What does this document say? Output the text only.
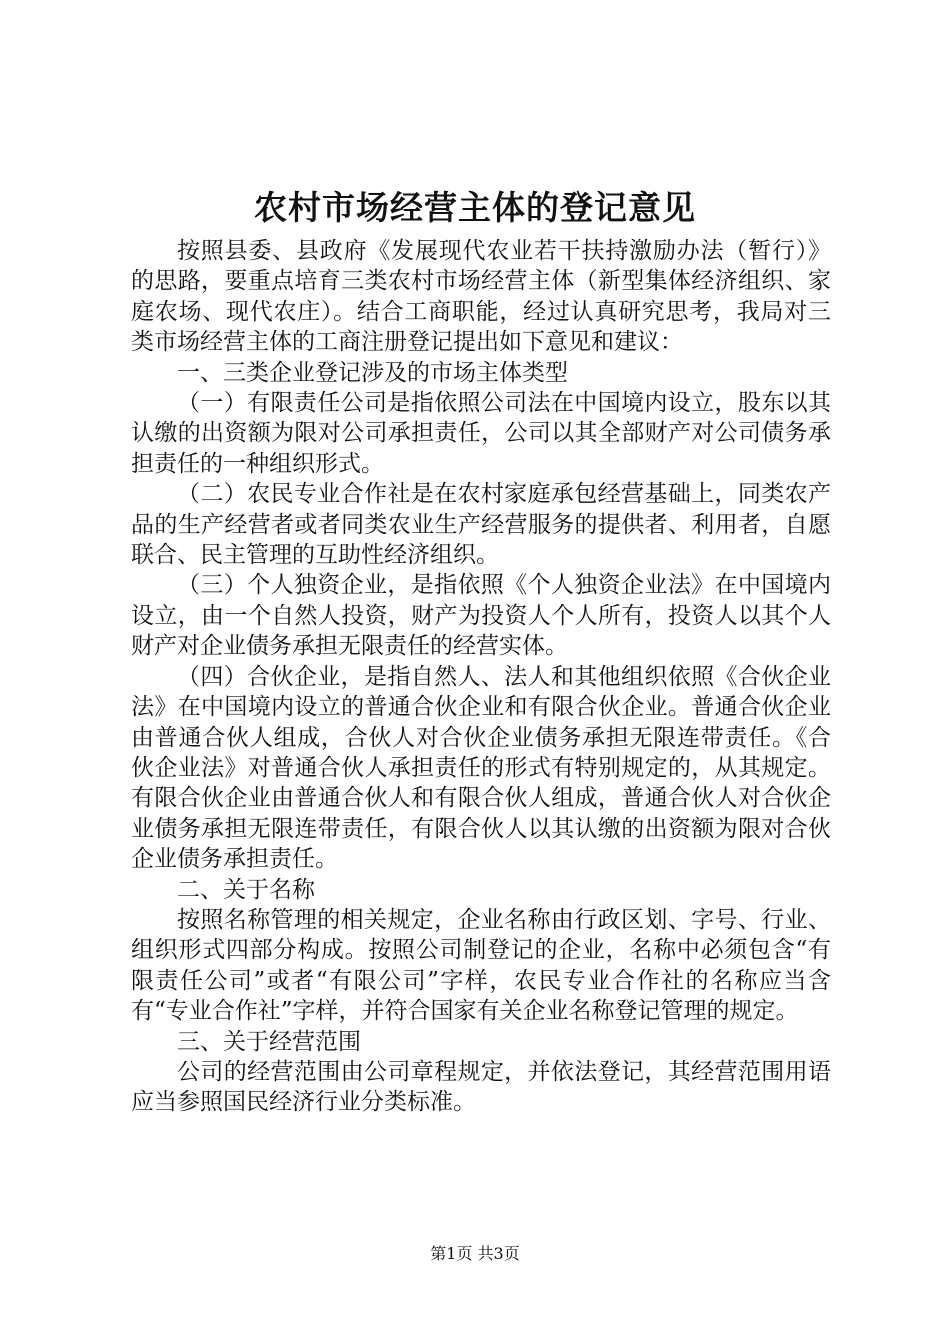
农村市场经营主体的登记意见

按照县委、县政府《发展现代农业若干扶持激励办法（暂行）》的思路，要重点培育三类农村市场经营主体（新型集体经济组织、家庭农场、现代农庄）。结合工商职能，经过认真研究思考，我局对三类市场经营主体的工商注册登记提出如下意见和建议：

一、三类企业登记涉及的市场主体类型

（一）有限责任公司是指依照公司法在中国境内设立，股东以其认缴的出资额为限对公司承担责任，公司以其全部财产对公司债务承担责任的一种组织形式。

（二）农民专业合作社是在农村家庭承包经营基础上，同类农产品的生产经营者或者同类农业生产经营服务的提供者、利用者，自愿联合、民主管理的互助性经济组织。

（三）个人独资企业，是指依照《个人独资企业法》在中国境内设立，由一个自然人投资，财产为投资人个人所有，投资人以其个人财产对企业债务承担无限责任的经营实体。

（四）合伙企业，是指自然人、法人和其他组织依照《合伙企业法》在中国境内设立的普通合伙企业和有限合伙企业。普通合伙企业由普通合伙人组成，合伙人对合伙企业债务承担无限连带责任。《合伙企业法》对普通合伙人承担责任的形式有特别规定的，从其规定。有限合伙企业由普通合伙人和有限合伙人组成，普通合伙人对合伙企业债务承担无限连带责任，有限合伙人以其认缴的出资额为限对合伙企业债务承担责任。

二、关于名称

按照名称管理的相关规定，企业名称由行政区划、字号、行业、组织形式四部分构成。按照公司制登记的企业，名称中必须包含“有限责任公司”或者“有限公司”字样，农民专业合作社的名称应当含有“专业合作社”字样，并符合国家有关企业名称登记管理的规定。

三、关于经营范围

公司的经营范围由公司章程规定，并依法登记，其经营范围用语应当参照国民经济行业分类标准。

第1页 共3页
